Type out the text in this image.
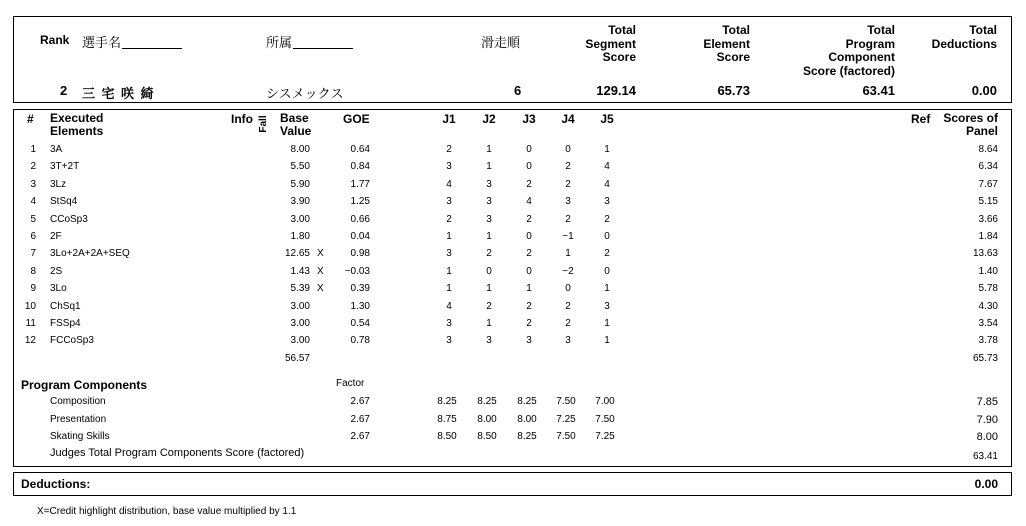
Rank 選手名	所属	滑走順
Total
Segment
Score
Total
Element
Score
Total
Program
Component
Score (factored)
Total
Deductions
2 三 宅 咲 綺	シスメックス	6	129.14	65.73	63.41	0.00
# Executed
Elements
Info Fall Base
Value
GOE	J1	J2	J3	J4	J5	Ref	Scores of
Panel
1 3A	8.00	0.64	2	1	0	0	1	8.64
2 3T+2T	5.50	0.84	3	1	0	2	4	6.34
3 3Lz	5.90	1.77	4	3	2	2	4	7.67
4 StSq4	3.90	1.25	3	3	4	3	3	5.15
5 CCoSp3	3.00	0.66	2	3	2	2	2	3.66
6 2F	1.80	0.04	1	1	0	−1	0	1.84
7 3Lo+2A+2A+SEQ	12.65 X	0.98	3	2	2	1	2	13.63
8 2S	1.43 X	−0.03	1	0	0	−2	0	1.40
9 3Lo	5.39 X	0.39	1	1	1	0	1	5.78
10 ChSq1	3.00	1.30	4	2	2	2	3	4.30
11 FSSp4	3.00	0.54	3	1	2	2	1	3.54
12 FCCoSp3	3.00	0.78	3	3	3	3	1	3.78
56.57	65.73
Program Components	Factor
Composition	2.67	8.25	8.25	8.25	7.50	7.00	7.85
Presentation	2.67	8.75	8.00	8.00	7.25	7.50	7.90
Skating Skills	2.67	8.50	8.50	8.25	7.50	7.25	8.00
Judges Total Program Components Score (factored)	63.41
Deductions:	0.00
X=Credit highlight distribution, base value multiplied by 1.1
